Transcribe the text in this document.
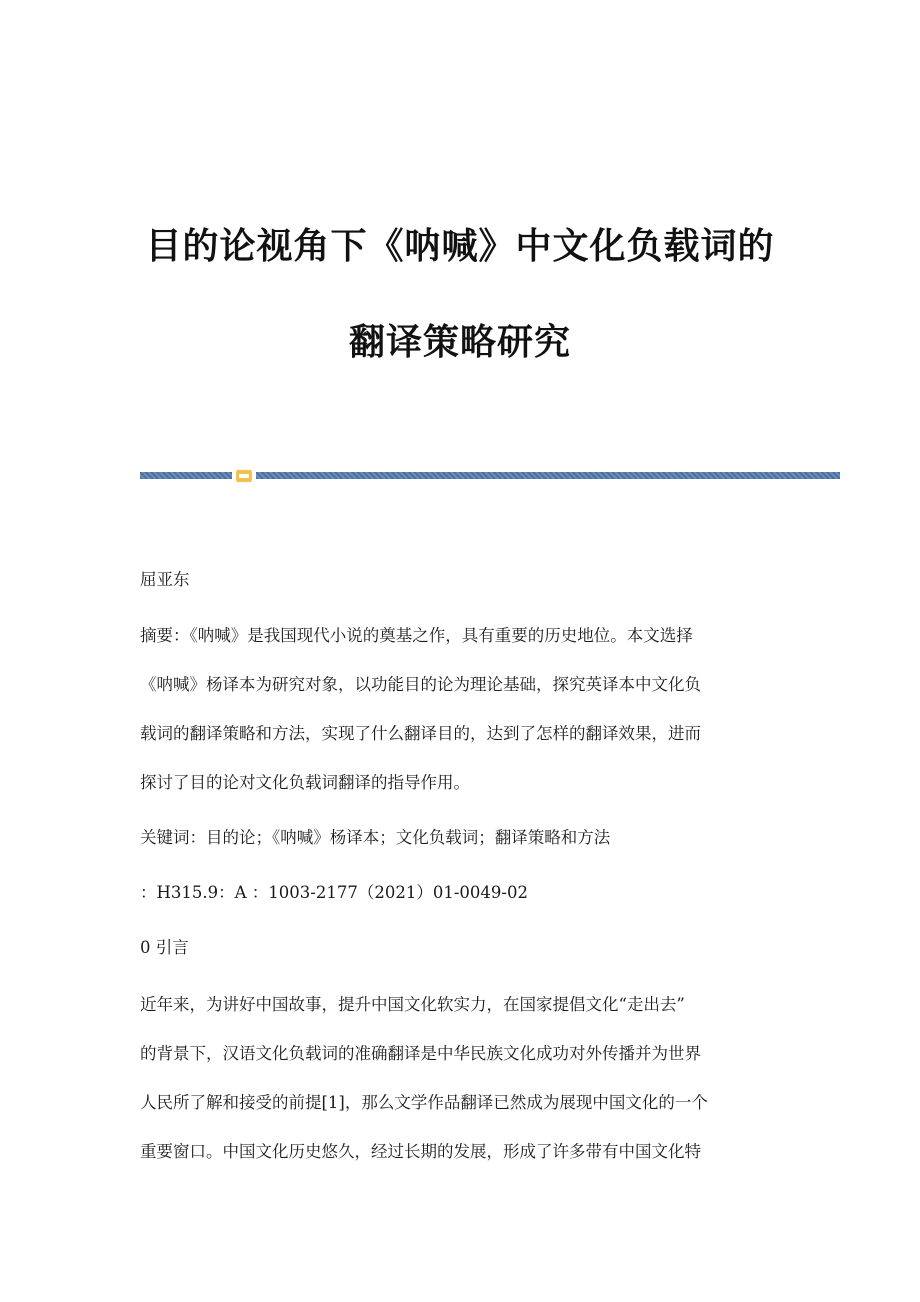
目的论视角下《呐喊》中文化负载词的
翻译策略研究
屈亚东
摘要：《呐喊》是我国现代小说的奠基之作，具有重要的历史地位。本文选择
《呐喊》杨译本为研究对象，以功能目的论为理论基础，探究英译本中文化负
载词的翻译策略和方法，实现了什么翻译目的，达到了怎样的翻译效果，进而
探讨了目的论对文化负载词翻译的指导作用。
关键词：目的论；《呐喊》杨译本；文化负载词；翻译策略和方法
：H315.9：A ：1003-2177（2021）01-0049-02
0 引言
近年来，为讲好中国故事，提升中国文化软实力，在国家提倡文化“走出去”
的背景下，汉语文化负载词的准确翻译是中华民族文化成功对外传播并为世界
人民所了解和接受的前提[1]，那么文学作品翻译已然成为展现中国文化的一个
重要窗口。中国文化历史悠久，经过长期的发展，形成了许多带有中国文化特
